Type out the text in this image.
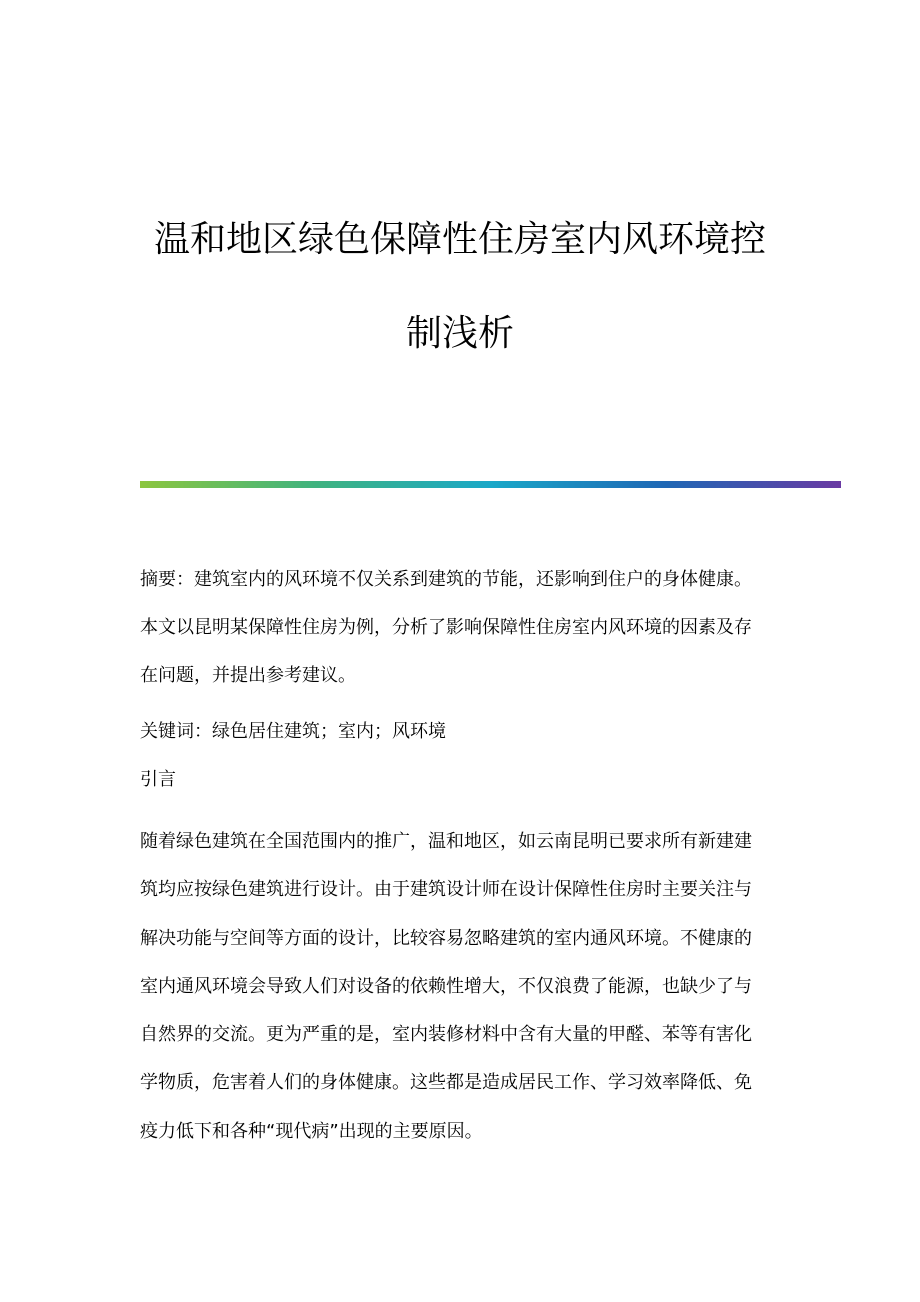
温和地区绿色保障性住房室内风环境控
制浅析
摘要：建筑室内的风环境不仅关系到建筑的节能，还影响到住户的身体健康。
本文以昆明某保障性住房为例，分析了影响保障性住房室内风环境的因素及存
在问题，并提出参考建议。
关键词：绿色居住建筑；室内；风环境
引言
随着绿色建筑在全国范围内的推广，温和地区，如云南昆明已要求所有新建建
筑均应按绿色建筑进行设计。由于建筑设计师在设计保障性住房时主要关注与
解决功能与空间等方面的设计，比较容易忽略建筑的室内通风环境。不健康的
室内通风环境会导致人们对设备的依赖性增大，不仅浪费了能源，也缺少了与
自然界的交流。更为严重的是，室内装修材料中含有大量的甲醛、苯等有害化
学物质，危害着人们的身体健康。这些都是造成居民工作、学习效率降低、免
疫力低下和各种“现代病”出现的主要原因。
